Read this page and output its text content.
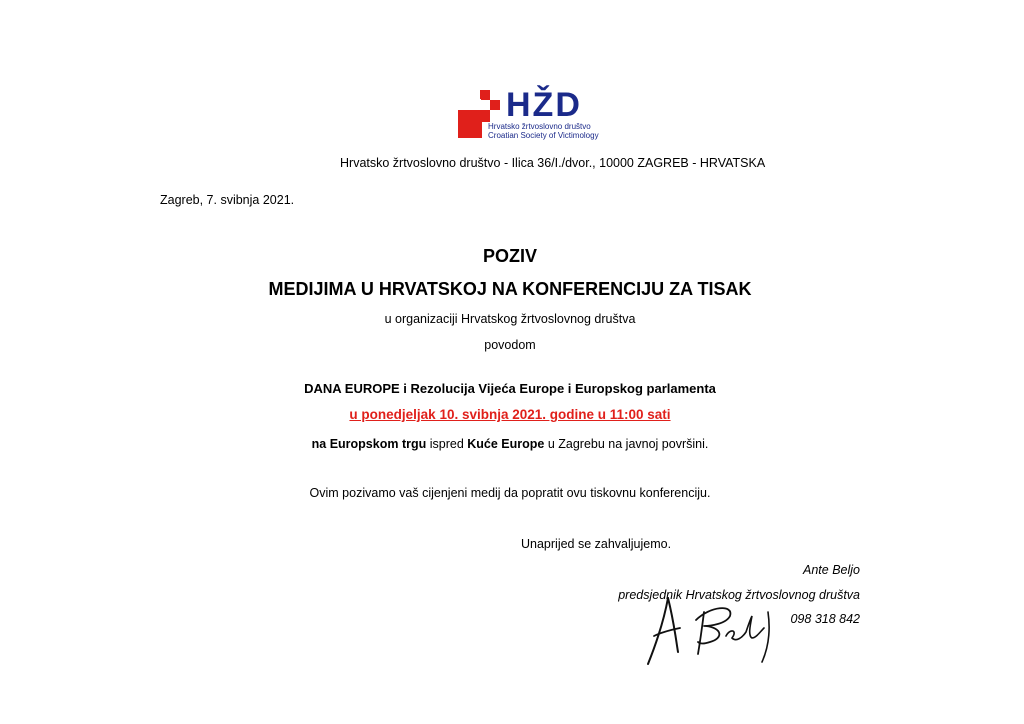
HŽD
Hrvatsko žrtvoslovno društvo
Croatian Society of Victimology
Hrvatsko žrtvoslovno društvo - Ilica 36/I./dvor., 10000 ZAGREB - HRVATSKA
Zagreb, 7. svibnja 2021.
POZIV
MEDIJIMA U HRVATSKOJ NA KONFERENCIJU ZA TISAK
u organizaciji Hrvatskog žrtvoslovnog društva
povodom
DANA EUROPE i Rezolucija Vijeća Europe i Europskog parlamenta
u ponedjeljak 10. svibnja 2021. godine u 11:00 sati
na Europskom trgu ispred Kuće Europe u Zagrebu na javnoj površini.
Ovim pozivamo vaš cijenjeni medij da popratit ovu tiskovnu konferenciju.
Unaprijed se zahvaljujemo.
Ante Beljo
predsjednik Hrvatskog žrtvoslovnog društva
098 318 842
